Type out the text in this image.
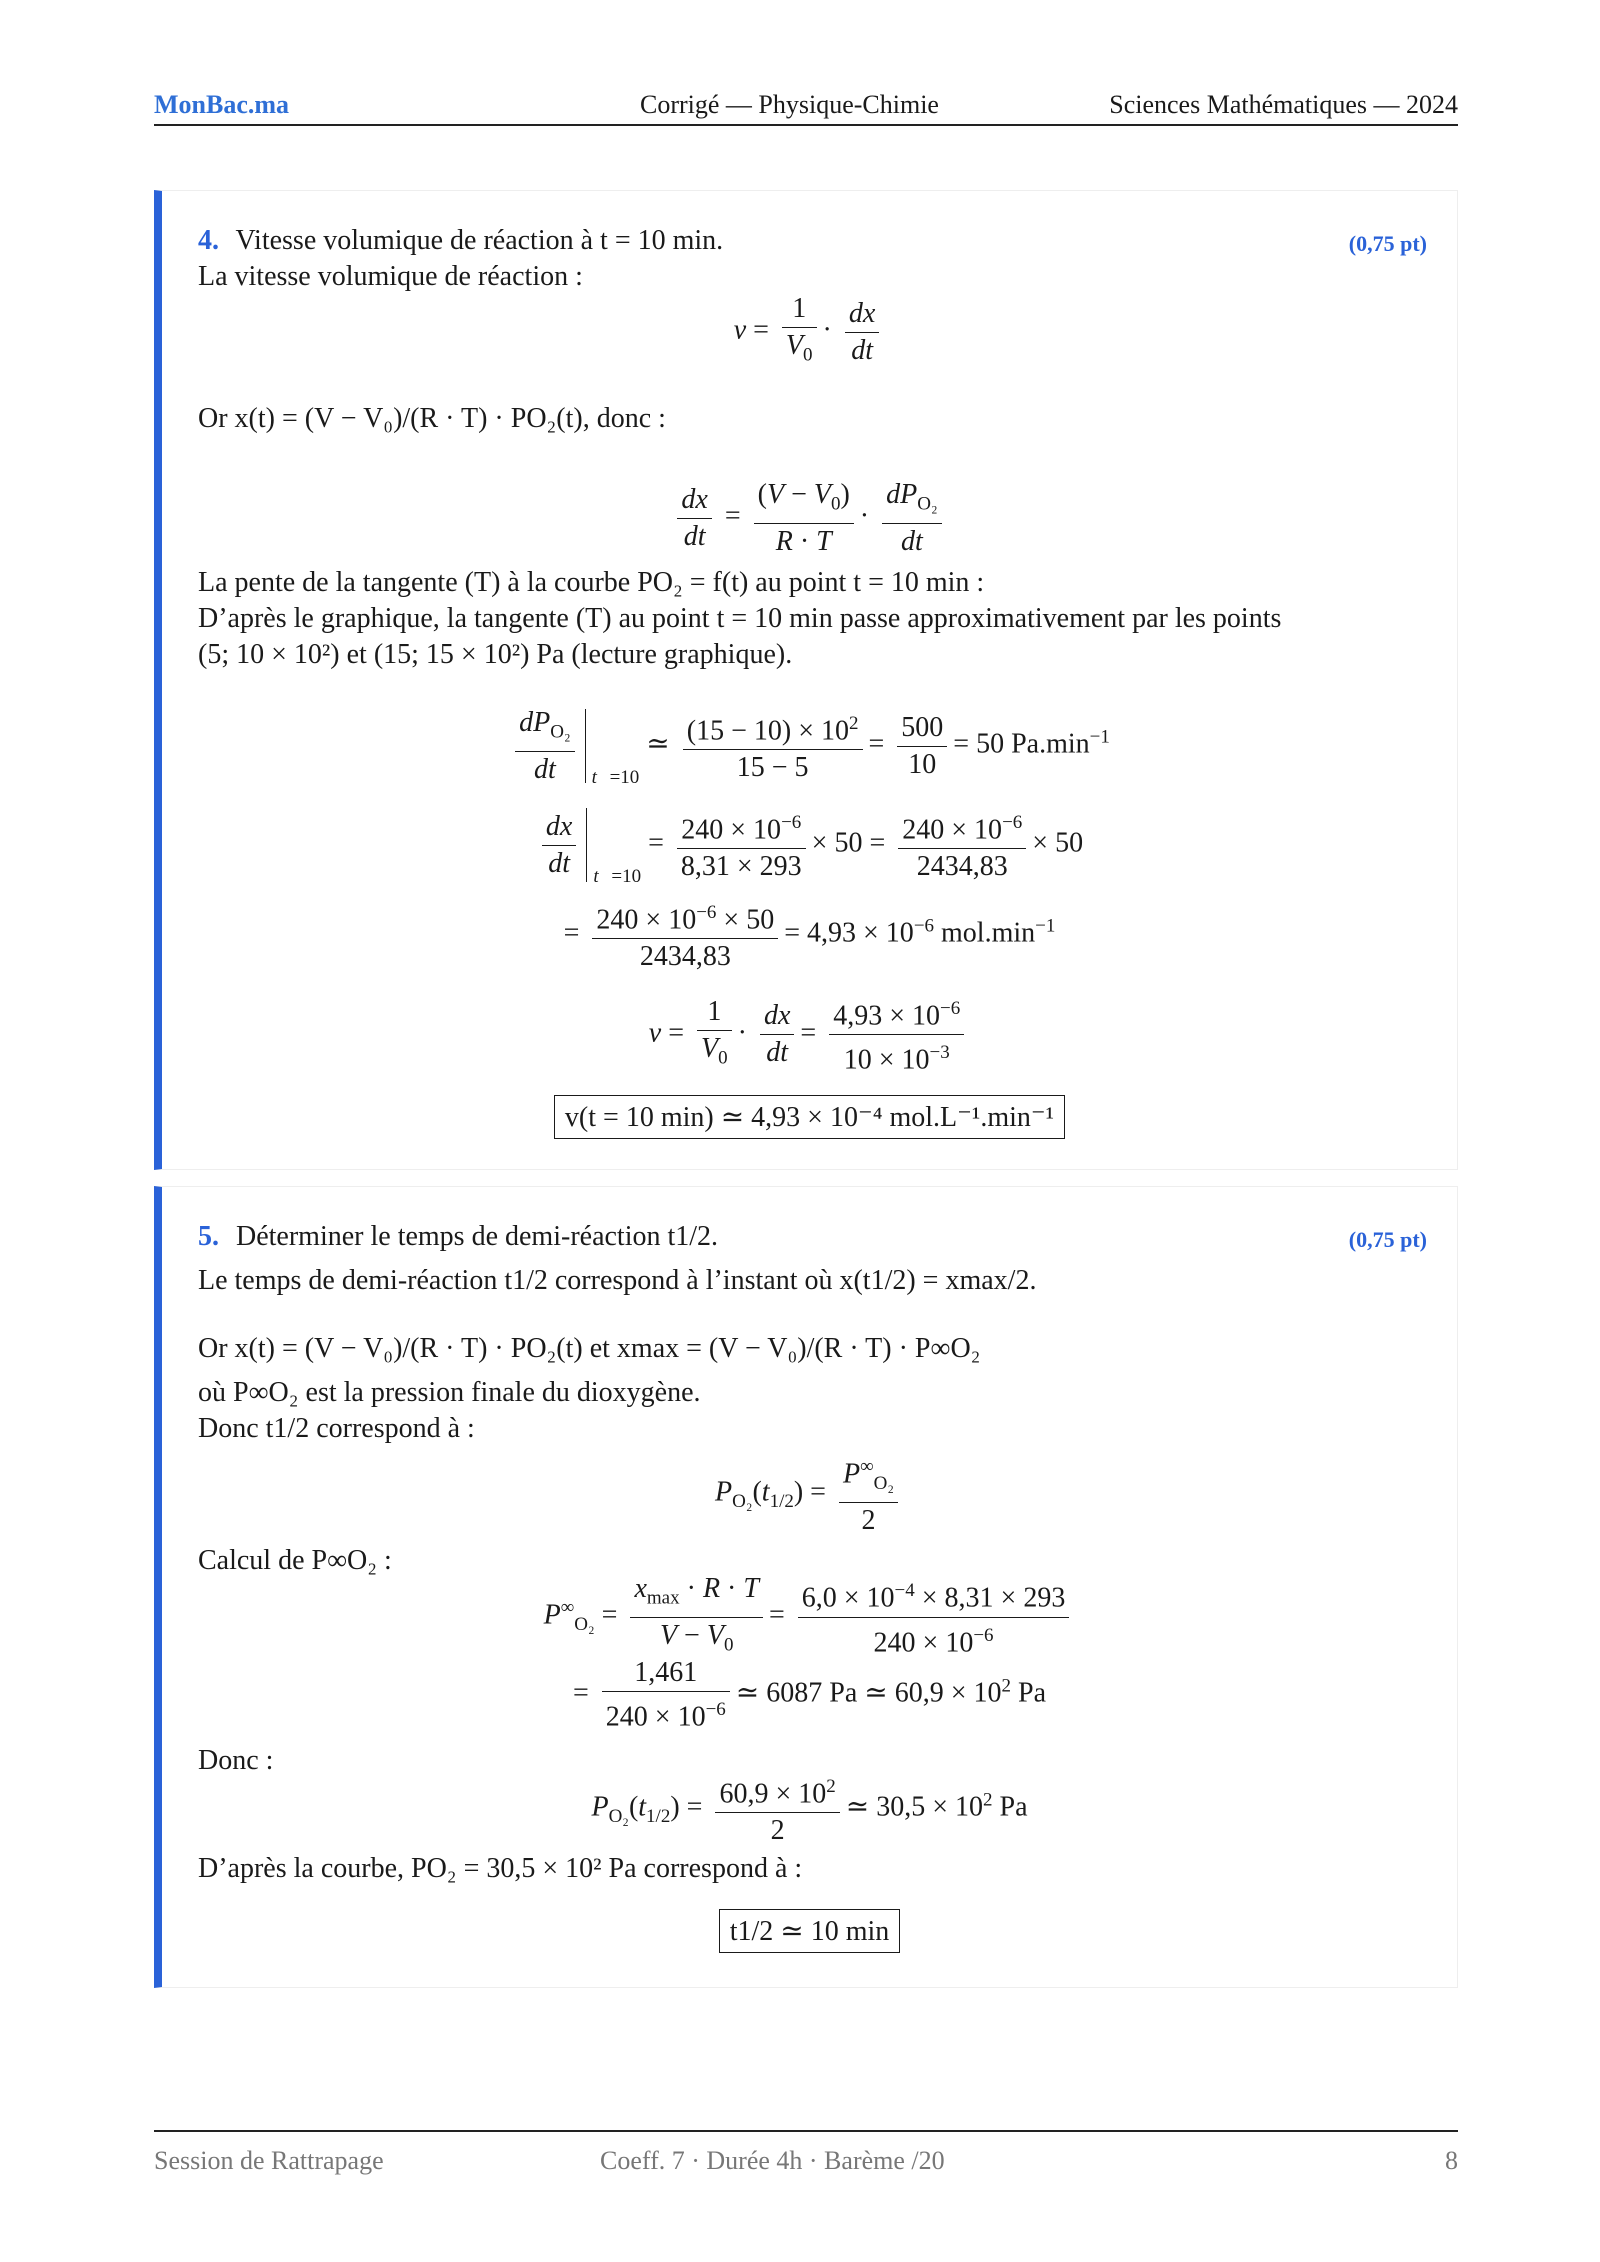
MonBac.ma	Corrigé — Physique-Chimie	Sciences Mathématiques — 2024
4. Vitesse volumique de réaction à t = 10 min.	(0,75 pt)
La vitesse volumique de réaction :
$v = \frac{1}{V_0} \cdot \frac{dx}{dt}$
Or x(t) = (V − V₀)/(R · T) · PO₂(t), donc :
$\frac{dx}{dt} = \frac{(V - V_0)}{R \cdot T} \cdot \frac{dP_{O_2}}{dt}$
La pente de la tangente (T) à la courbe PO₂ = f(t) au point t = 10 min :
D’après le graphique, la tangente (T) au point t = 10 min passe approximativement par les points
(5; 10 × 10²) et (15; 15 × 10²) Pa (lecture graphique).
$\frac{dP_{O_2}}{dt}$ t $_{=10}$ ≃ $\frac{(15 - 10) \times 10^2}{15 - 5} = \frac{500}{10} = 50$ $Pa.\min^{-1}$
$\frac{dx}{dt}$ t $_{=10} = \frac{240 \times 10^{-6}}{8,31 \times 293} \times 50 = \frac{240 \times 10^{-6}}{2434,83} \times 50$
= $\frac{240 \times 10^{-6} \times 50}{2434,83} = 4,93 \times 10^{-6}$ $mol.\min^{-1}$
$v = \frac{1}{V_0} \cdot \frac{dx}{dt} = \frac{4,93 \times 10^{-6}}{10 \times 10^{-3}}$
v(t = 10 min) ≃ 4,93 × 10⁻⁴ mol.L⁻¹.min⁻¹
5. Déterminer le temps de demi-réaction t1/2.	(0,75 pt)
Le temps de demi-réaction t1/2 correspond à l’instant où x(t1/2) = xmax/2.
Or x(t) = (V − V₀)/(R · T) · PO₂(t) et xmax = (V − V₀)/(R · T) · P∞O₂
où P∞O₂ est la pression finale du dioxygène.
Donc t1/2 correspond à :
$P_{O_2}(t_{1/2}) = \frac{P^\infty_{O_2}}{2}$
Calcul de P∞O₂ :
$P^\infty_{O_2} = \frac{x_{max} \cdot R \cdot T}{V - V_0} = \frac{6,0 \times 10^{-4} \times 8,31 \times 293}{240 \times 10^{-6}}$
= $\frac{1,461}{240 \times 10^{-6}}$ ≃ 6087 Pa ≃ $60,9 \times 10^2$ Pa
Donc :
$P_{O_2}(t_{1/2}) = \frac{60,9 \times 10^2}{2}$ ≃ $30,5 \times 10^2$ Pa
D’après la courbe, PO₂ = 30,5 × 10² Pa correspond à :
t1/2 ≃ 10 min
Session de Rattrapage	Coeff. 7 · Durée 4h · Barème /20	8
